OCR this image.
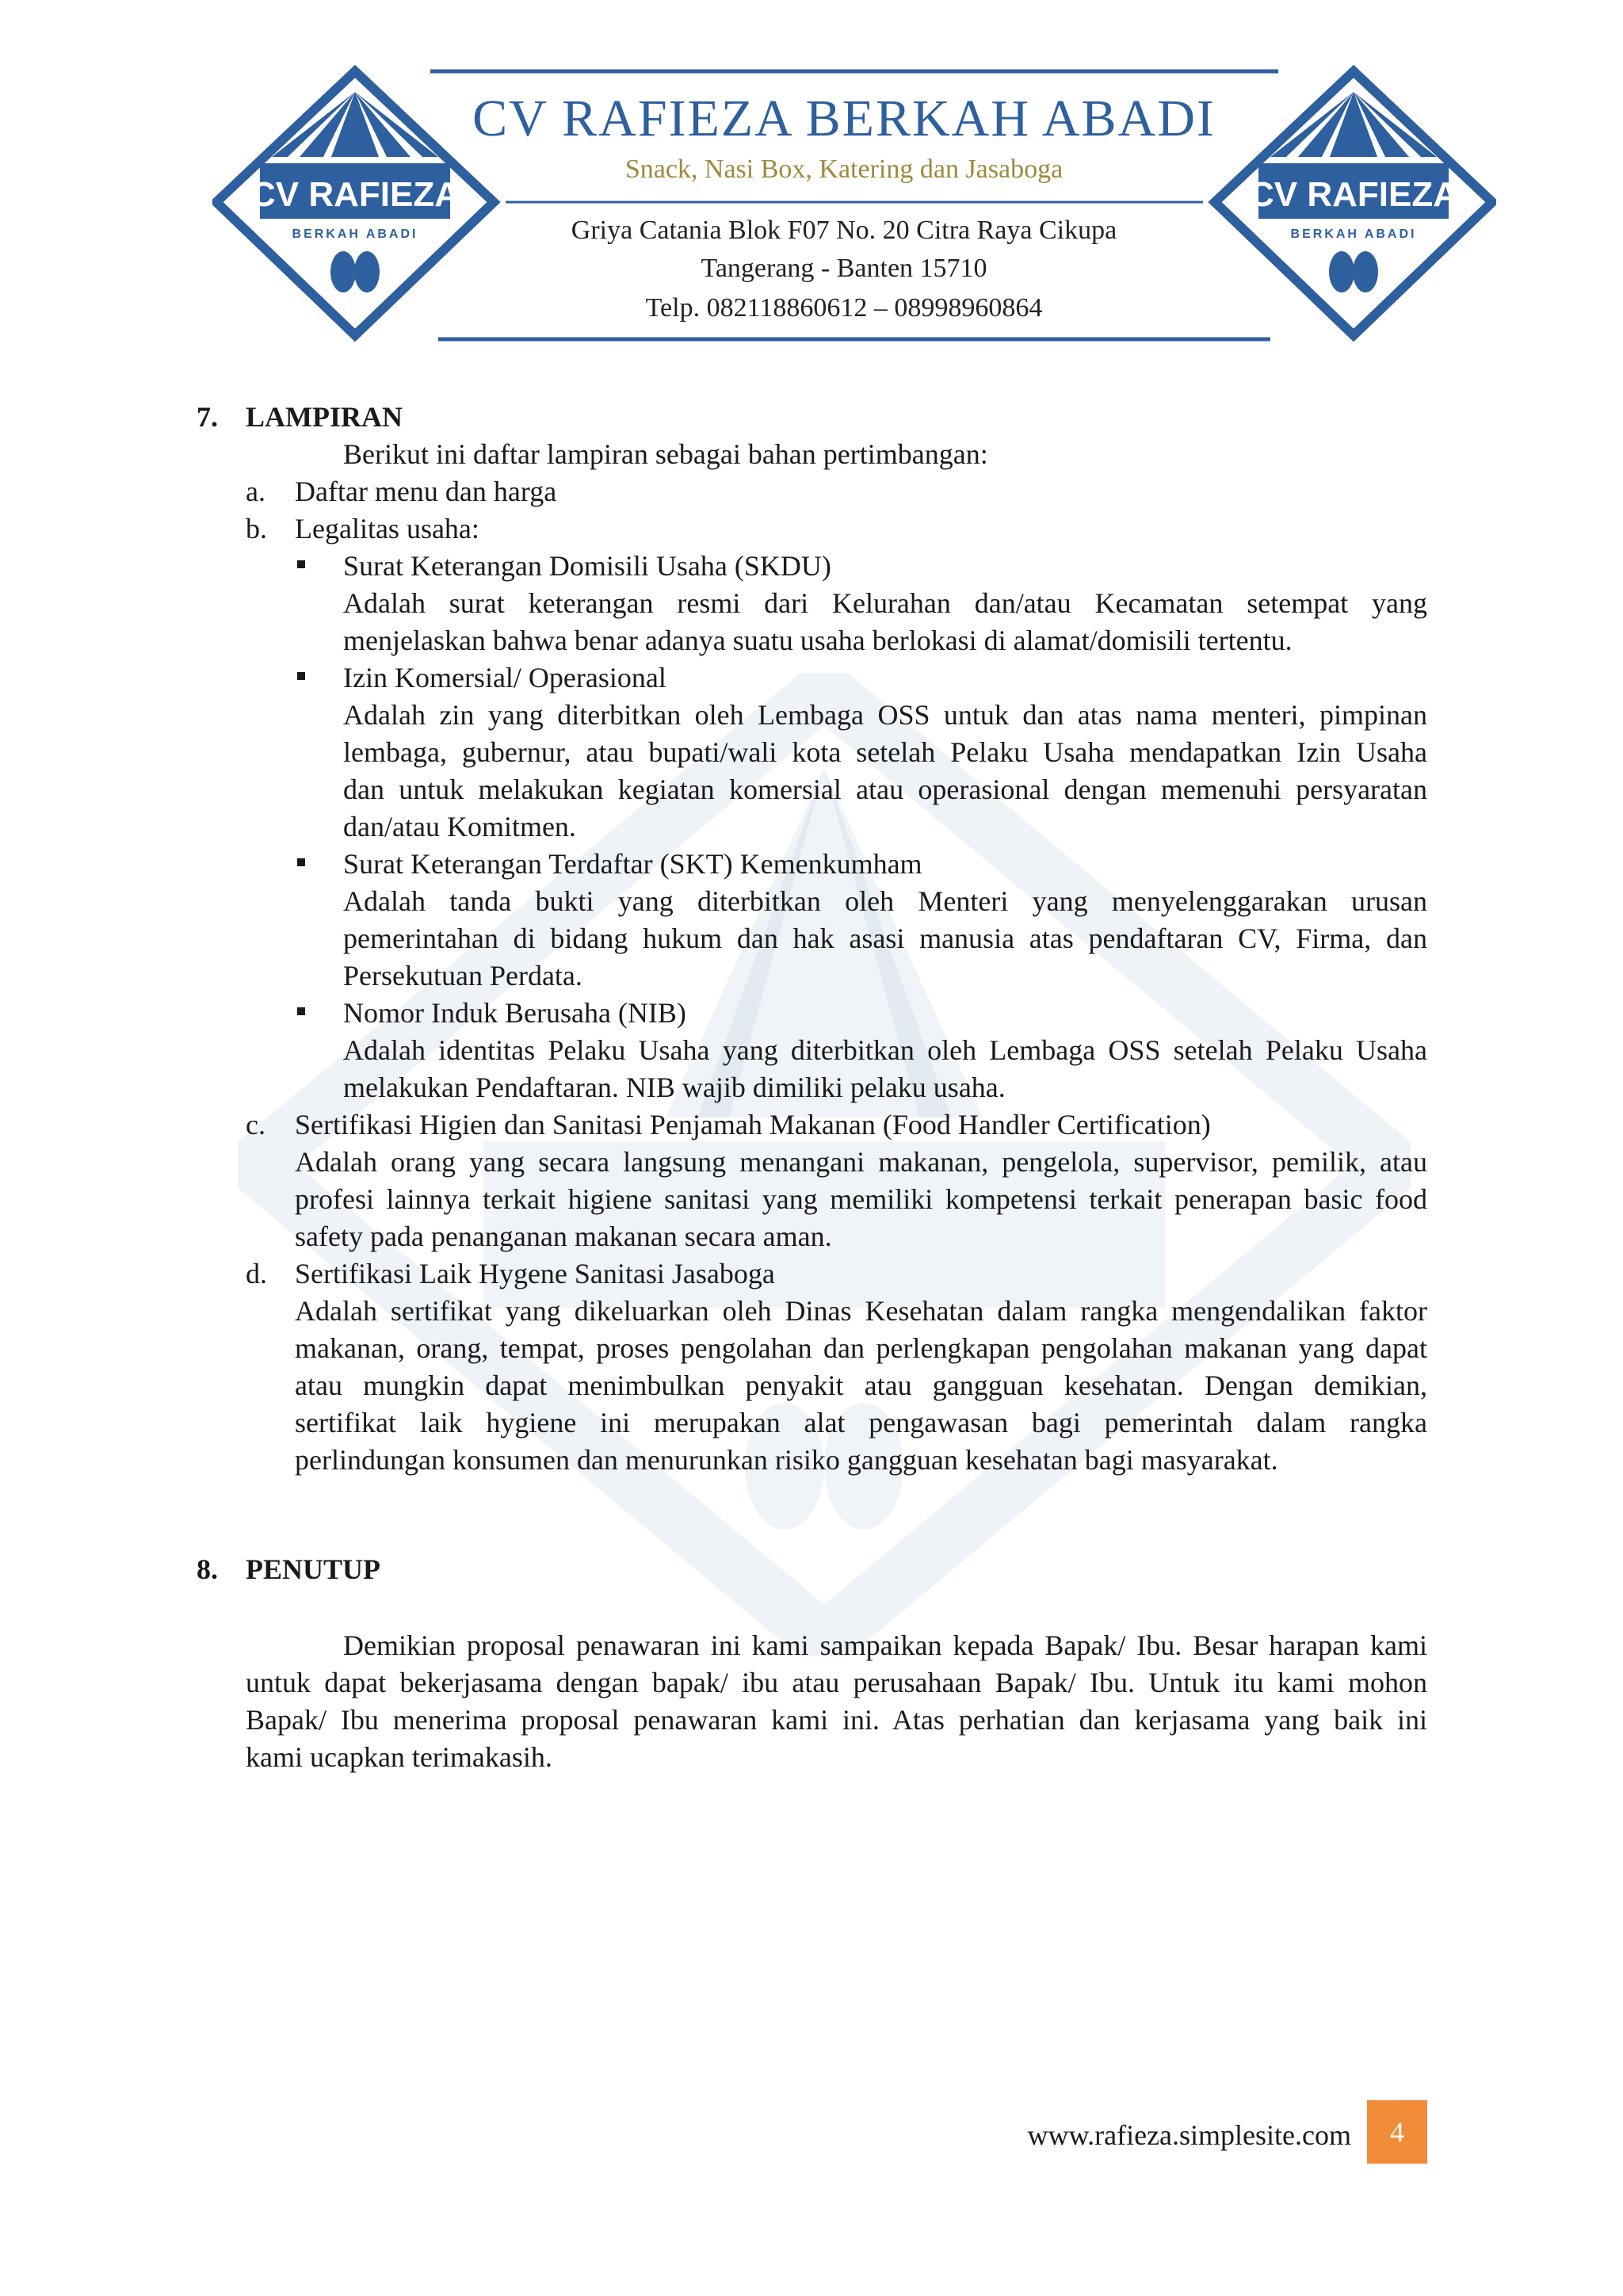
CV RAFIEZA
BERKAH ABADI
CV RAFIEZA
BERKAH ABADI
CV RAFIEZA BERKAH ABADI
Snack, Nasi Box, Katering dan Jasaboga
Griya Catania Blok F07 No. 20 Citra Raya Cikupa
Tangerang - Banten 15710
Telp. 082118860612 – 08998960864
7. LAMPIRAN
Berikut ini daftar lampiran sebagai bahan pertimbangan:
a. Daftar menu dan harga
b. Legalitas usaha:
Surat Keterangan Domisili Usaha (SKDU)
Adalah surat keterangan resmi dari Kelurahan dan/atau Kecamatan setempat yang
menjelaskan bahwa benar adanya suatu usaha berlokasi di alamat/domisili tertentu.
Izin Komersial/ Operasional
Adalah zin yang diterbitkan oleh Lembaga OSS untuk dan atas nama menteri, pimpinan
lembaga, gubernur, atau bupati/wali kota setelah Pelaku Usaha mendapatkan Izin Usaha
dan untuk melakukan kegiatan komersial atau operasional dengan memenuhi persyaratan
dan/atau Komitmen.
Surat Keterangan Terdaftar (SKT) Kemenkumham
Adalah tanda bukti yang diterbitkan oleh Menteri yang menyelenggarakan urusan
pemerintahan di bidang hukum dan hak asasi manusia atas pendaftaran CV, Firma, dan
Persekutuan Perdata.
Nomor Induk Berusaha (NIB)
Adalah identitas Pelaku Usaha yang diterbitkan oleh Lembaga OSS setelah Pelaku Usaha
melakukan Pendaftaran. NIB wajib dimiliki pelaku usaha.
c. Sertifikasi Higien dan Sanitasi Penjamah Makanan (Food Handler Certification)
Adalah orang yang secara langsung menangani makanan, pengelola, supervisor, pemilik, atau
profesi lainnya terkait higiene sanitasi yang memiliki kompetensi terkait penerapan basic food
safety pada penanganan makanan secara aman.
d. Sertifikasi Laik Hygene Sanitasi Jasaboga
Adalah sertifikat yang dikeluarkan oleh Dinas Kesehatan dalam rangka mengendalikan faktor
makanan, orang, tempat, proses pengolahan dan perlengkapan pengolahan makanan yang dapat
atau mungkin dapat menimbulkan penyakit atau gangguan kesehatan. Dengan demikian,
sertifikat laik hygiene ini merupakan alat pengawasan bagi pemerintah dalam rangka
perlindungan konsumen dan menurunkan risiko gangguan kesehatan bagi masyarakat.
8. PENUTUP
Demikian proposal penawaran ini kami sampaikan kepada Bapak/ Ibu. Besar harapan kami
untuk dapat bekerjasama dengan bapak/ ibu atau perusahaan Bapak/ Ibu. Untuk itu kami mohon
Bapak/ Ibu menerima proposal penawaran kami ini. Atas perhatian dan kerjasama yang baik ini
kami ucapkan terimakasih.
www.rafieza.simplesite.com	4
